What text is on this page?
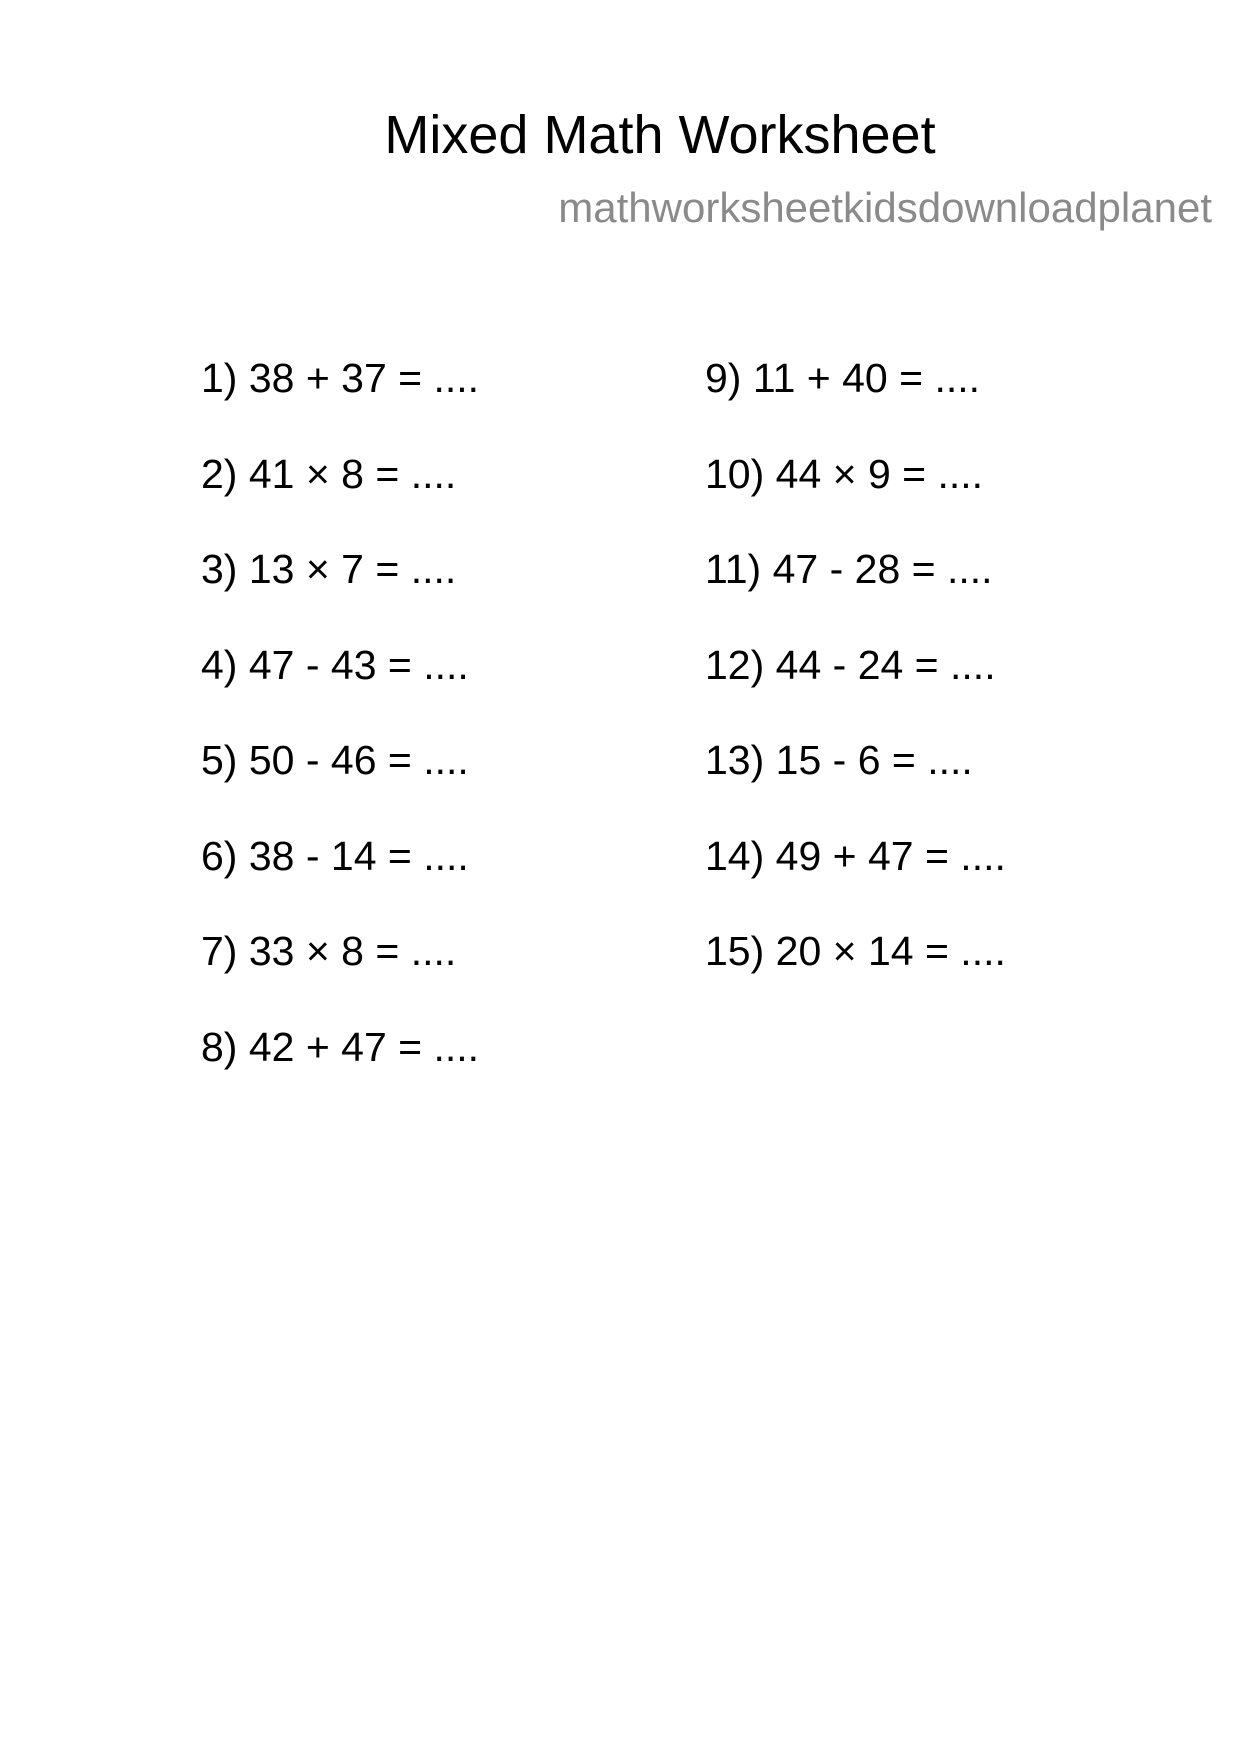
Mixed Math Worksheet

mathworksheetkidsdownloadplanet

1) 38 + 37 = ....
2) 41 × 8 = ....
3) 13 × 7 = ....
4) 47 - 43 = ....
5) 50 - 46 = ....
6) 38 - 14 = ....
7) 33 × 8 = ....
8) 42 + 47 = ....
9) 11 + 40 = ....
10) 44 × 9 = ....
11) 47 - 28 = ....
12) 44 - 24 = ....
13) 15 - 6 = ....
14) 49 + 47 = ....
15) 20 × 14 = ....
